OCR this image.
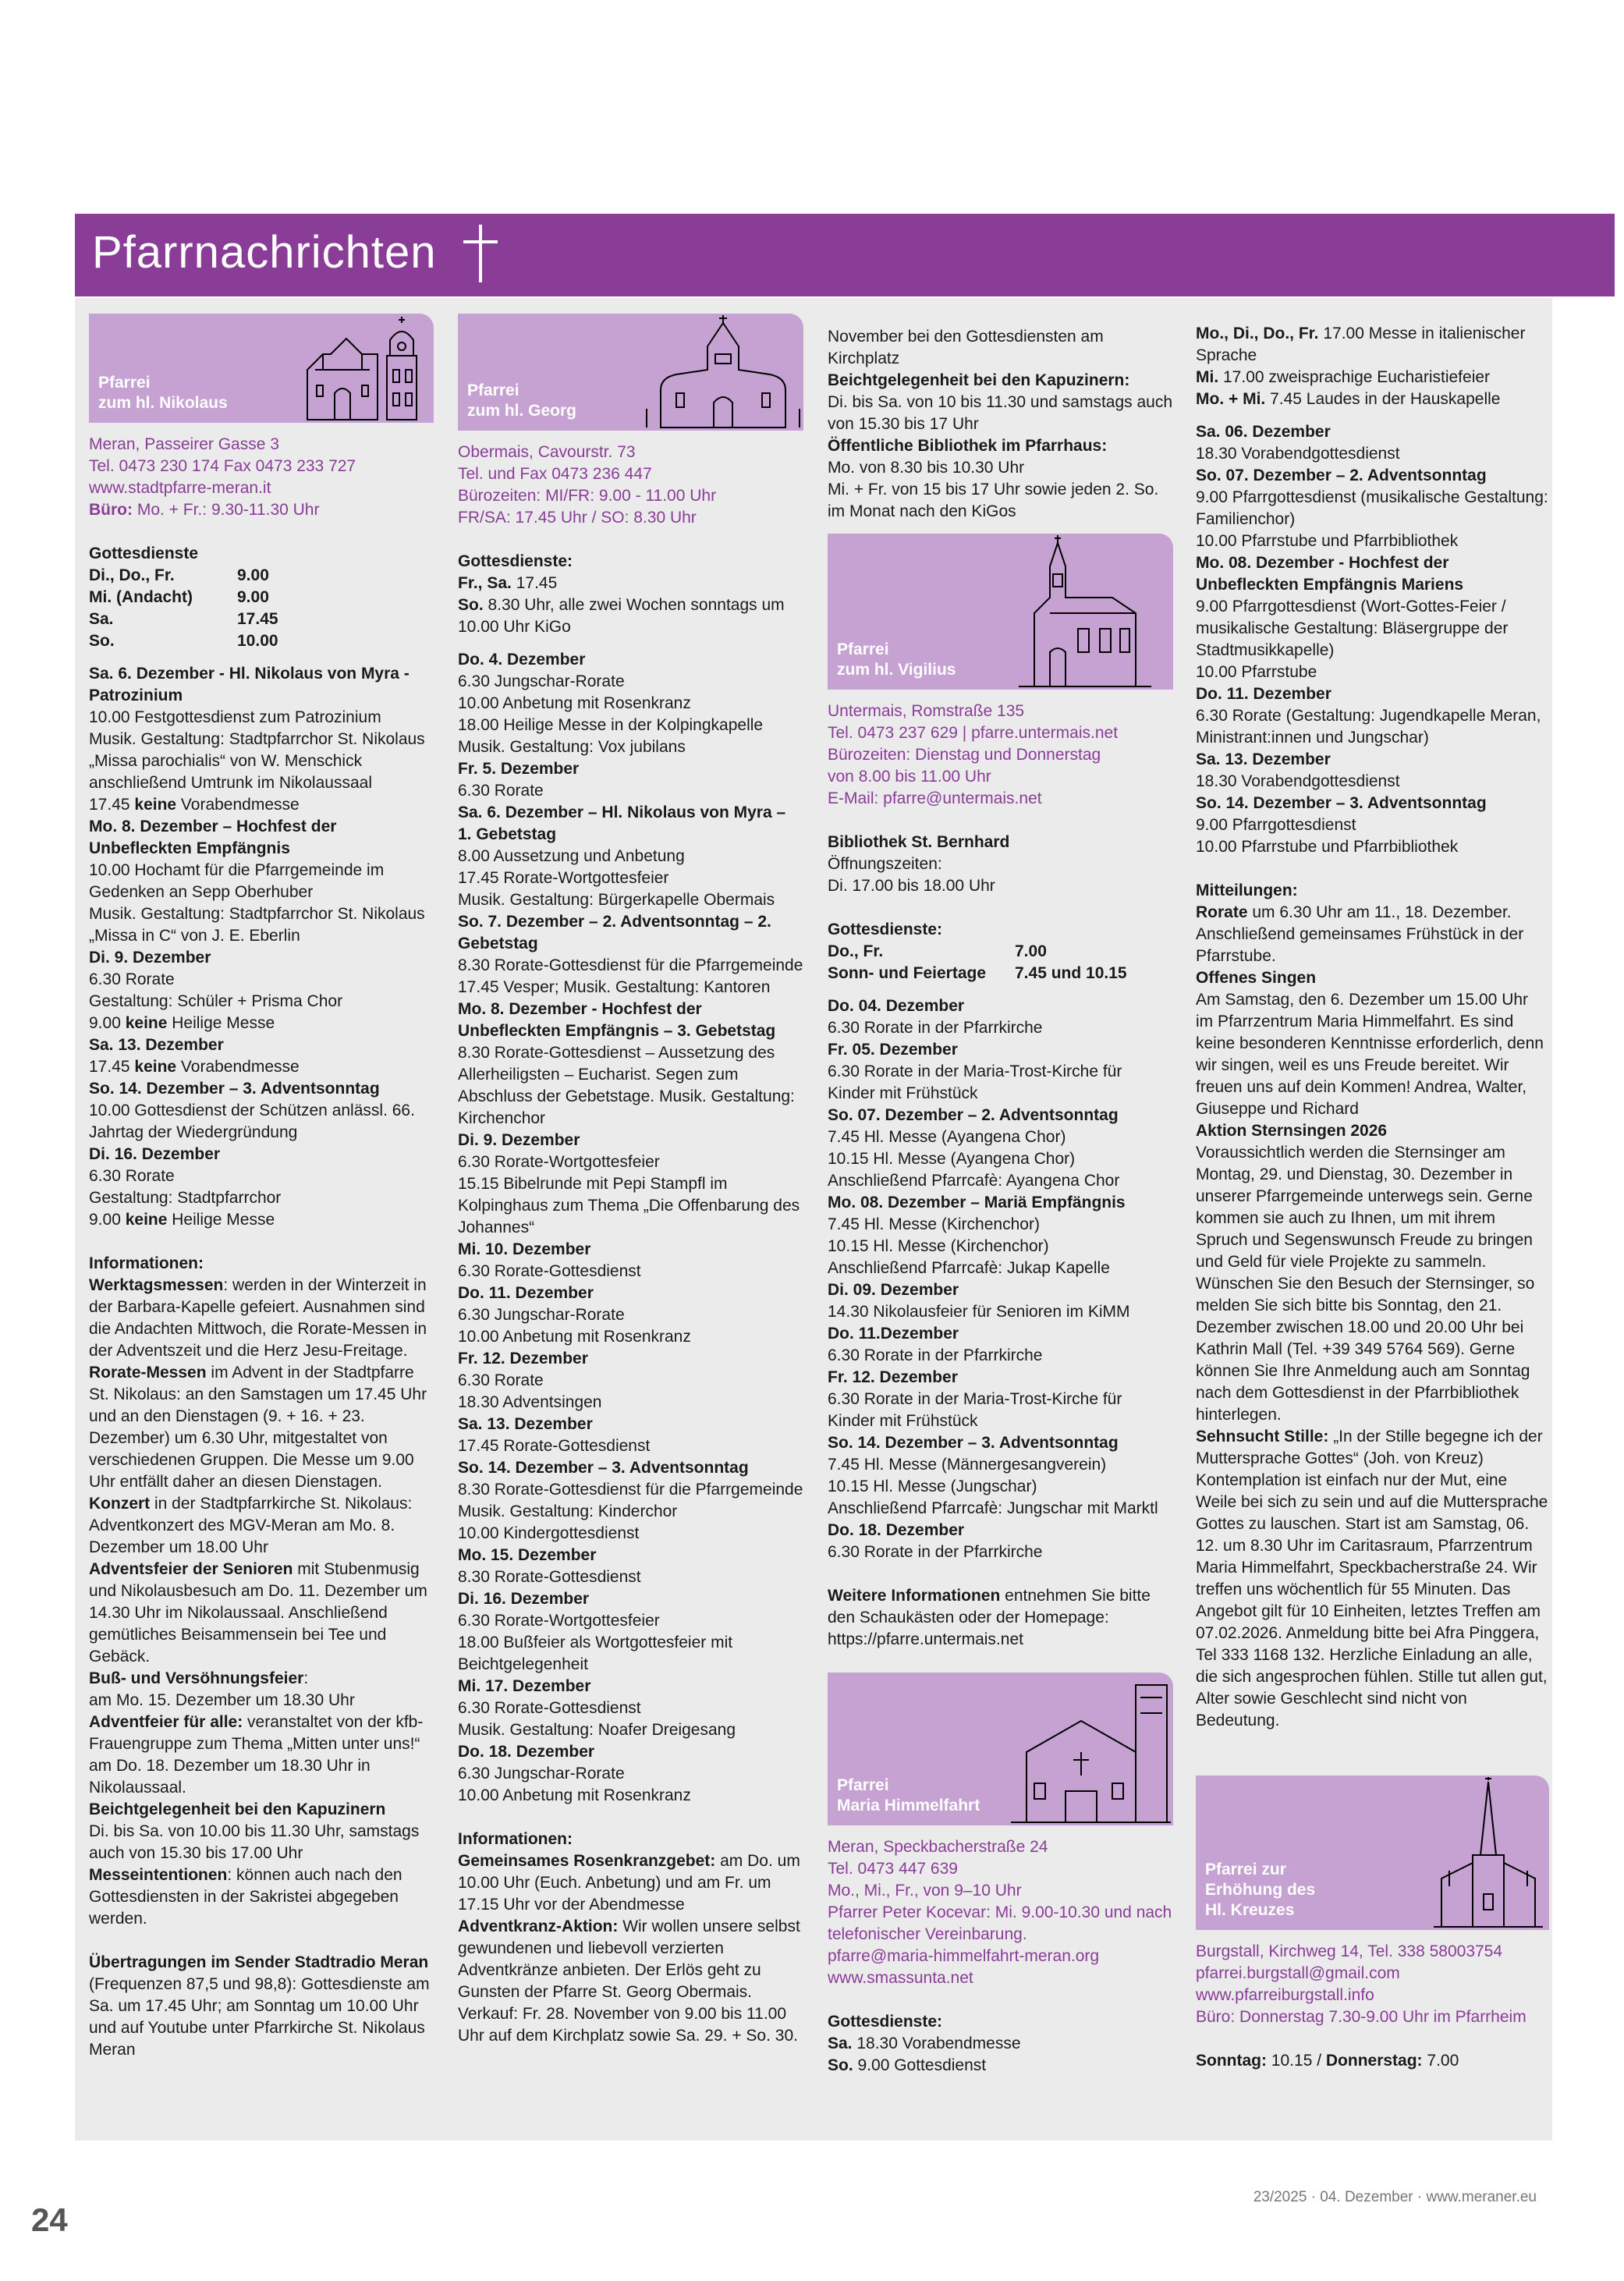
Pfarrnachrichten
Pfarrei
zum hl. Nikolaus

Meran, Passeirer Gasse 3

Tel. 0473 230 174 Fax 0473 233 727

www.stadtpfarre-meran.it

Büro: Mo. + Fr.: 9.30-11.30 Uhr

Gottesdienste

Di., Do., Fr.	9.00
Mi. (Andacht)	9.00
Sa.	17.45
So.	10.00

Sa. 6. Dezember - Hl. Nikolaus von Myra - Patrozinium

10.00 Festgottesdienst zum Patrozinium

Musik. Gestaltung: Stadtpfarrchor St. Nikolaus „Missa parochialis“ von W. Menschick anschließend Umtrunk im Nikolaussaal

17.45 keine Vorabendmesse

Mo. 8. Dezember – Hochfest der Unbefleckten Empfängnis

10.00 Hochamt für die Pfarrgemeinde im Gedenken an Sepp Oberhuber

Musik. Gestaltung: Stadtpfarrchor St. Nikolaus „Missa in C“ von J. E. Eberlin

Di. 9. Dezember

6.30 Rorate

Gestaltung: Schüler + Prisma Chor

9.00 keine Heilige Messe

Sa. 13. Dezember

17.45 keine Vorabendmesse

So. 14. Dezember – 3. Adventsonntag

10.00 Gottesdienst der Schützen anlässl. 66. Jahrtag der Wiedergründung

Di. 16. Dezember

6.30 Rorate

Gestaltung: Stadtpfarrchor

9.00 keine Heilige Messe

Informationen:

Werktagsmessen: werden in der Winterzeit in der Barbara-Kapelle gefeiert. Ausnahmen sind die Andachten Mittwoch, die Rorate-Messen in der Adventszeit und die Herz Jesu-Freitage.

Rorate-Messen im Advent in der Stadtpfarre St. Nikolaus: an den Samstagen um 17.45 Uhr und an den Dienstagen (9. + 16. + 23. Dezember) um 6.30 Uhr, mitgestaltet von verschiedenen Gruppen. Die Messe um 9.00 Uhr entfällt daher an diesen Dienstagen.

Konzert in der Stadtpfarrkirche St. Nikolaus: Adventkonzert des MGV-Meran am Mo. 8. Dezember um 18.00 Uhr

Adventsfeier der Senioren mit Stubenmusig und Nikolausbesuch am Do. 11. Dezember um 14.30 Uhr im Nikolaussaal. Anschließend gemütliches Beisammensein bei Tee und Gebäck.

Buß- und Versöhnungsfeier:

am Mo. 15. Dezember um 18.30 Uhr

Adventfeier für alle: veranstaltet von der kfb-Frauengruppe zum Thema „Mitten unter uns!“ am Do. 18. Dezember um 18.30 Uhr in Nikolaussaal.

Beichtgelegenheit bei den Kapuzinern

Di. bis Sa. von 10.00 bis 11.30 Uhr, samstags auch von 15.30 bis 17.00 Uhr

Messeintentionen: können auch nach den Gottesdiensten in der Sakristei abgegeben werden.

Übertragungen im Sender Stadtradio Meran

(Frequenzen 87,5 und 98,8): Gottesdienste am Sa. um 17.45 Uhr; am Sonntag um 10.00 Uhr und auf Youtube unter Pfarrkirche St. Nikolaus Meran

Pfarrei
zum hl. Georg

Obermais, Cavourstr. 73

Tel. und Fax 0473 236 447

Bürozeiten: MI/FR: 9.00 - 11.00 Uhr

FR/SA: 17.45 Uhr / SO: 8.30 Uhr

Gottesdienste:

Fr., Sa. 17.45

So. 8.30 Uhr, alle zwei Wochen sonntags um 10.00 Uhr KiGo

Do. 4. Dezember

6.30 Jungschar-Rorate

10.00 Anbetung mit Rosenkranz

18.00 Heilige Messe in der Kolpingkapelle

Musik. Gestaltung: Vox jubilans

Fr. 5. Dezember

6.30 Rorate

Sa. 6. Dezember – Hl. Nikolaus von Myra – 1. Gebetstag

8.00 Aussetzung und Anbetung

17.45 Rorate-Wortgottesfeier

Musik. Gestaltung: Bürgerkapelle Obermais

So. 7. Dezember – 2. Adventsonntag – 2. Gebetstag

8.30 Rorate-Gottesdienst für die Pfarrgemeinde

17.45 Vesper; Musik. Gestaltung: Kantoren

Mo. 8. Dezember - Hochfest der Unbefleckten Empfängnis – 3. Gebetstag

8.30 Rorate-Gottesdienst – Aussetzung des Allerheiligsten – Eucharist. Segen zum Abschluss der Gebetstage. Musik. Gestaltung: Kirchenchor

Di. 9. Dezember

6.30 Rorate-Wortgottesfeier

15.15 Bibelrunde mit Pepi Stampfl im Kolpinghaus zum Thema „Die Offenbarung des Johannes“

Mi. 10. Dezember

6.30 Rorate-Gottesdienst

Do. 11. Dezember

6.30 Jungschar-Rorate

10.00 Anbetung mit Rosenkranz

Fr. 12. Dezember

6.30 Rorate

18.30 Adventsingen

Sa. 13. Dezember

17.45 Rorate-Gottesdienst

So. 14. Dezember – 3. Adventsonntag

8.30 Rorate-Gottesdienst für die Pfarrgemeinde

Musik. Gestaltung: Kinderchor

10.00 Kindergottesdienst

Mo. 15. Dezember

8.30 Rorate-Gottesdienst

Di. 16. Dezember

6.30 Rorate-Wortgottesfeier

18.00 Bußfeier als Wortgottesfeier mit Beichtgelegenheit

Mi. 17. Dezember

6.30 Rorate-Gottesdienst

Musik. Gestaltung: Noafer Dreigesang

Do. 18. Dezember

6.30 Jungschar-Rorate

10.00 Anbetung mit Rosenkranz

Informationen:

Gemeinsames Rosenkranzgebet: am Do. um 10.00 Uhr (Euch. Anbetung) und am Fr. um 17.15 Uhr vor der Abendmesse

Adventkranz-Aktion: Wir wollen unsere selbst gewundenen und liebevoll verzierten Adventkränze anbieten. Der Erlös geht zu Gunsten der Pfarre St. Georg Obermais. Verkauf: Fr. 28. November von 9.00 bis 11.00 Uhr auf dem Kirchplatz sowie Sa. 29. + So. 30.

November bei den Gottesdiensten am Kirchplatz

Beichtgelegenheit bei den Kapuzinern:

Di. bis Sa. von 10 bis 11.30 und samstags auch von 15.30 bis 17 Uhr

Öffentliche Bibliothek im Pfarrhaus:

Mo. von 8.30 bis 10.30 Uhr
Mi. + Fr. von 15 bis 17 Uhr sowie jeden 2. So. im Monat nach den KiGos

Pfarrei
zum hl. Vigilius

Untermais, Romstraße 135

Tel. 0473 237 629 | pfarre.untermais.net

Bürozeiten: Dienstag und Donnerstag

von 8.00 bis 11.00 Uhr

E-Mail: pfarre@untermais.net

Bibliothek St. Bernhard

Öffnungszeiten:

Di. 17.00 bis 18.00 Uhr

Gottesdienste:

Do., Fr.	7.00
Sonn- und Feiertage	7.45 und 10.15

Do. 04. Dezember

6.30 Rorate in der Pfarrkirche

Fr. 05. Dezember

6.30 Rorate in der Maria-Trost-Kirche für Kinder mit Frühstück

So. 07. Dezember – 2. Adventsonntag

7.45 Hl. Messe (Ayangena Chor)

10.15 Hl. Messe (Ayangena Chor)

Anschließend Pfarrcafè: Ayangena Chor

Mo. 08. Dezember – Mariä Empfängnis

7.45 Hl. Messe (Kirchenchor)

10.15 Hl. Messe (Kirchenchor)

Anschließend Pfarrcafè: Jukap Kapelle

Di. 09. Dezember

14.30 Nikolausfeier für Senioren im KiMM

Do. 11.Dezember

6.30 Rorate in der Pfarrkirche

Fr. 12. Dezember

6.30 Rorate in der Maria-Trost-Kirche für Kinder mit Frühstück

So. 14. Dezember – 3. Adventsonntag

7.45 Hl. Messe (Männergesangverein)

10.15 Hl. Messe (Jungschar)

Anschließend Pfarrcafè: Jungschar mit Marktl

Do. 18. Dezember

6.30 Rorate in der Pfarrkirche

Weitere Informationen entnehmen Sie bitte den Schaukästen oder der Homepage: https://pfarre.untermais.net

Pfarrei
Maria Himmelfahrt

Meran, Speckbacherstraße 24

Tel. 0473 447 639

Mo., Mi., Fr., von 9–10 Uhr

Pfarrer Peter Kocevar: Mi. 9.00-10.30 und nach telefonischer Vereinbarung.

pfarre@maria-himmelfahrt-meran.org

www.smassunta.net

Gottesdienste:

Sa. 18.30 Vorabendmesse

So. 9.00 Gottesdienst

Mo., Di., Do., Fr. 17.00 Messe in italienischer Sprache

Mi. 17.00 zweisprachige Eucharistiefeier

Mo. + Mi. 7.45 Laudes in der Hauskapelle

Sa. 06. Dezember

18.30 Vorabendgottesdienst

So. 07. Dezember – 2. Adventsonntag

9.00 Pfarrgottesdienst (musikalische Gestaltung: Familienchor)

10.00 Pfarrstube und Pfarrbibliothek

Mo. 08. Dezember - Hochfest der Unbefleckten Empfängnis Mariens

9.00 Pfarrgottesdienst (Wort-Gottes-Feier / musikalische Gestaltung: Bläsergruppe der Stadtmusikkapelle)

10.00 Pfarrstube

Do. 11. Dezember

6.30 Rorate (Gestaltung: Jugendkapelle Meran, Ministrant:innen und Jungschar)

Sa. 13. Dezember

18.30 Vorabendgottesdienst

So. 14. Dezember – 3. Adventsonntag

9.00 Pfarrgottesdienst

10.00 Pfarrstube und Pfarrbibliothek

Mitteilungen:

Rorate um 6.30 Uhr am 11., 18. Dezember. Anschließend gemeinsames Frühstück in der Pfarrstube.

Offenes Singen

Am Samstag, den 6. Dezember um 15.00 Uhr im Pfarrzentrum Maria Himmelfahrt. Es sind keine besonderen Kenntnisse erforderlich, denn wir singen, weil es uns Freude bereitet. Wir freuen uns auf dein Kommen! Andrea, Walter, Giuseppe und Richard

Aktion Sternsingen 2026

Voraussichtlich werden die Sternsinger am Montag, 29. und Dienstag, 30. Dezember in unserer Pfarrgemeinde unterwegs sein. Gerne kommen sie auch zu Ihnen, um mit ihrem Spruch und Segenswunsch Freude zu bringen und Geld für viele Projekte zu sammeln. Wünschen Sie den Besuch der Sternsinger, so melden Sie sich bitte bis Sonntag, den 21. Dezember zwischen 18.00 und 20.00 Uhr bei Kathrin Mall (Tel. +39 349 5764 569). Gerne können Sie Ihre Anmeldung auch am Sonntag nach dem Gottesdienst in der Pfarrbibliothek hinterlegen.

Sehnsucht Stille: „In der Stille begegne ich der Muttersprache Gottes“ (Joh. von Kreuz) Kontemplation ist einfach nur der Mut, eine Weile bei sich zu sein und auf die Muttersprache Gottes zu lauschen. Start ist am Samstag, 06. 12. um 8.30 Uhr im Caritasraum, Pfarrzentrum Maria Himmelfahrt, Speckbacherstraße 24. Wir treffen uns wöchentlich für 55 Minuten. Das Angebot gilt für 10 Einheiten, letztes Treffen am 07.02.2026. Anmeldung bitte bei Afra Pinggera, Tel 333 1168 132. Herzliche Einladung an alle, die sich angesprochen fühlen. Stille tut allen gut, Alter sowie Geschlecht sind nicht von Bedeutung.

Pfarrei zur
Erhöhung des
Hl. Kreuzes

Burgstall, Kirchweg 14, Tel. 338 58003754

pfarrei.burgstall@gmail.com

www.pfarreiburgstall.info

Büro: Donnerstag 7.30-9.00 Uhr im Pfarrheim

Sonntag: 10.15 / Donnerstag: 7.00

24
23/2025 · 04. Dezember · www.meraner.eu
